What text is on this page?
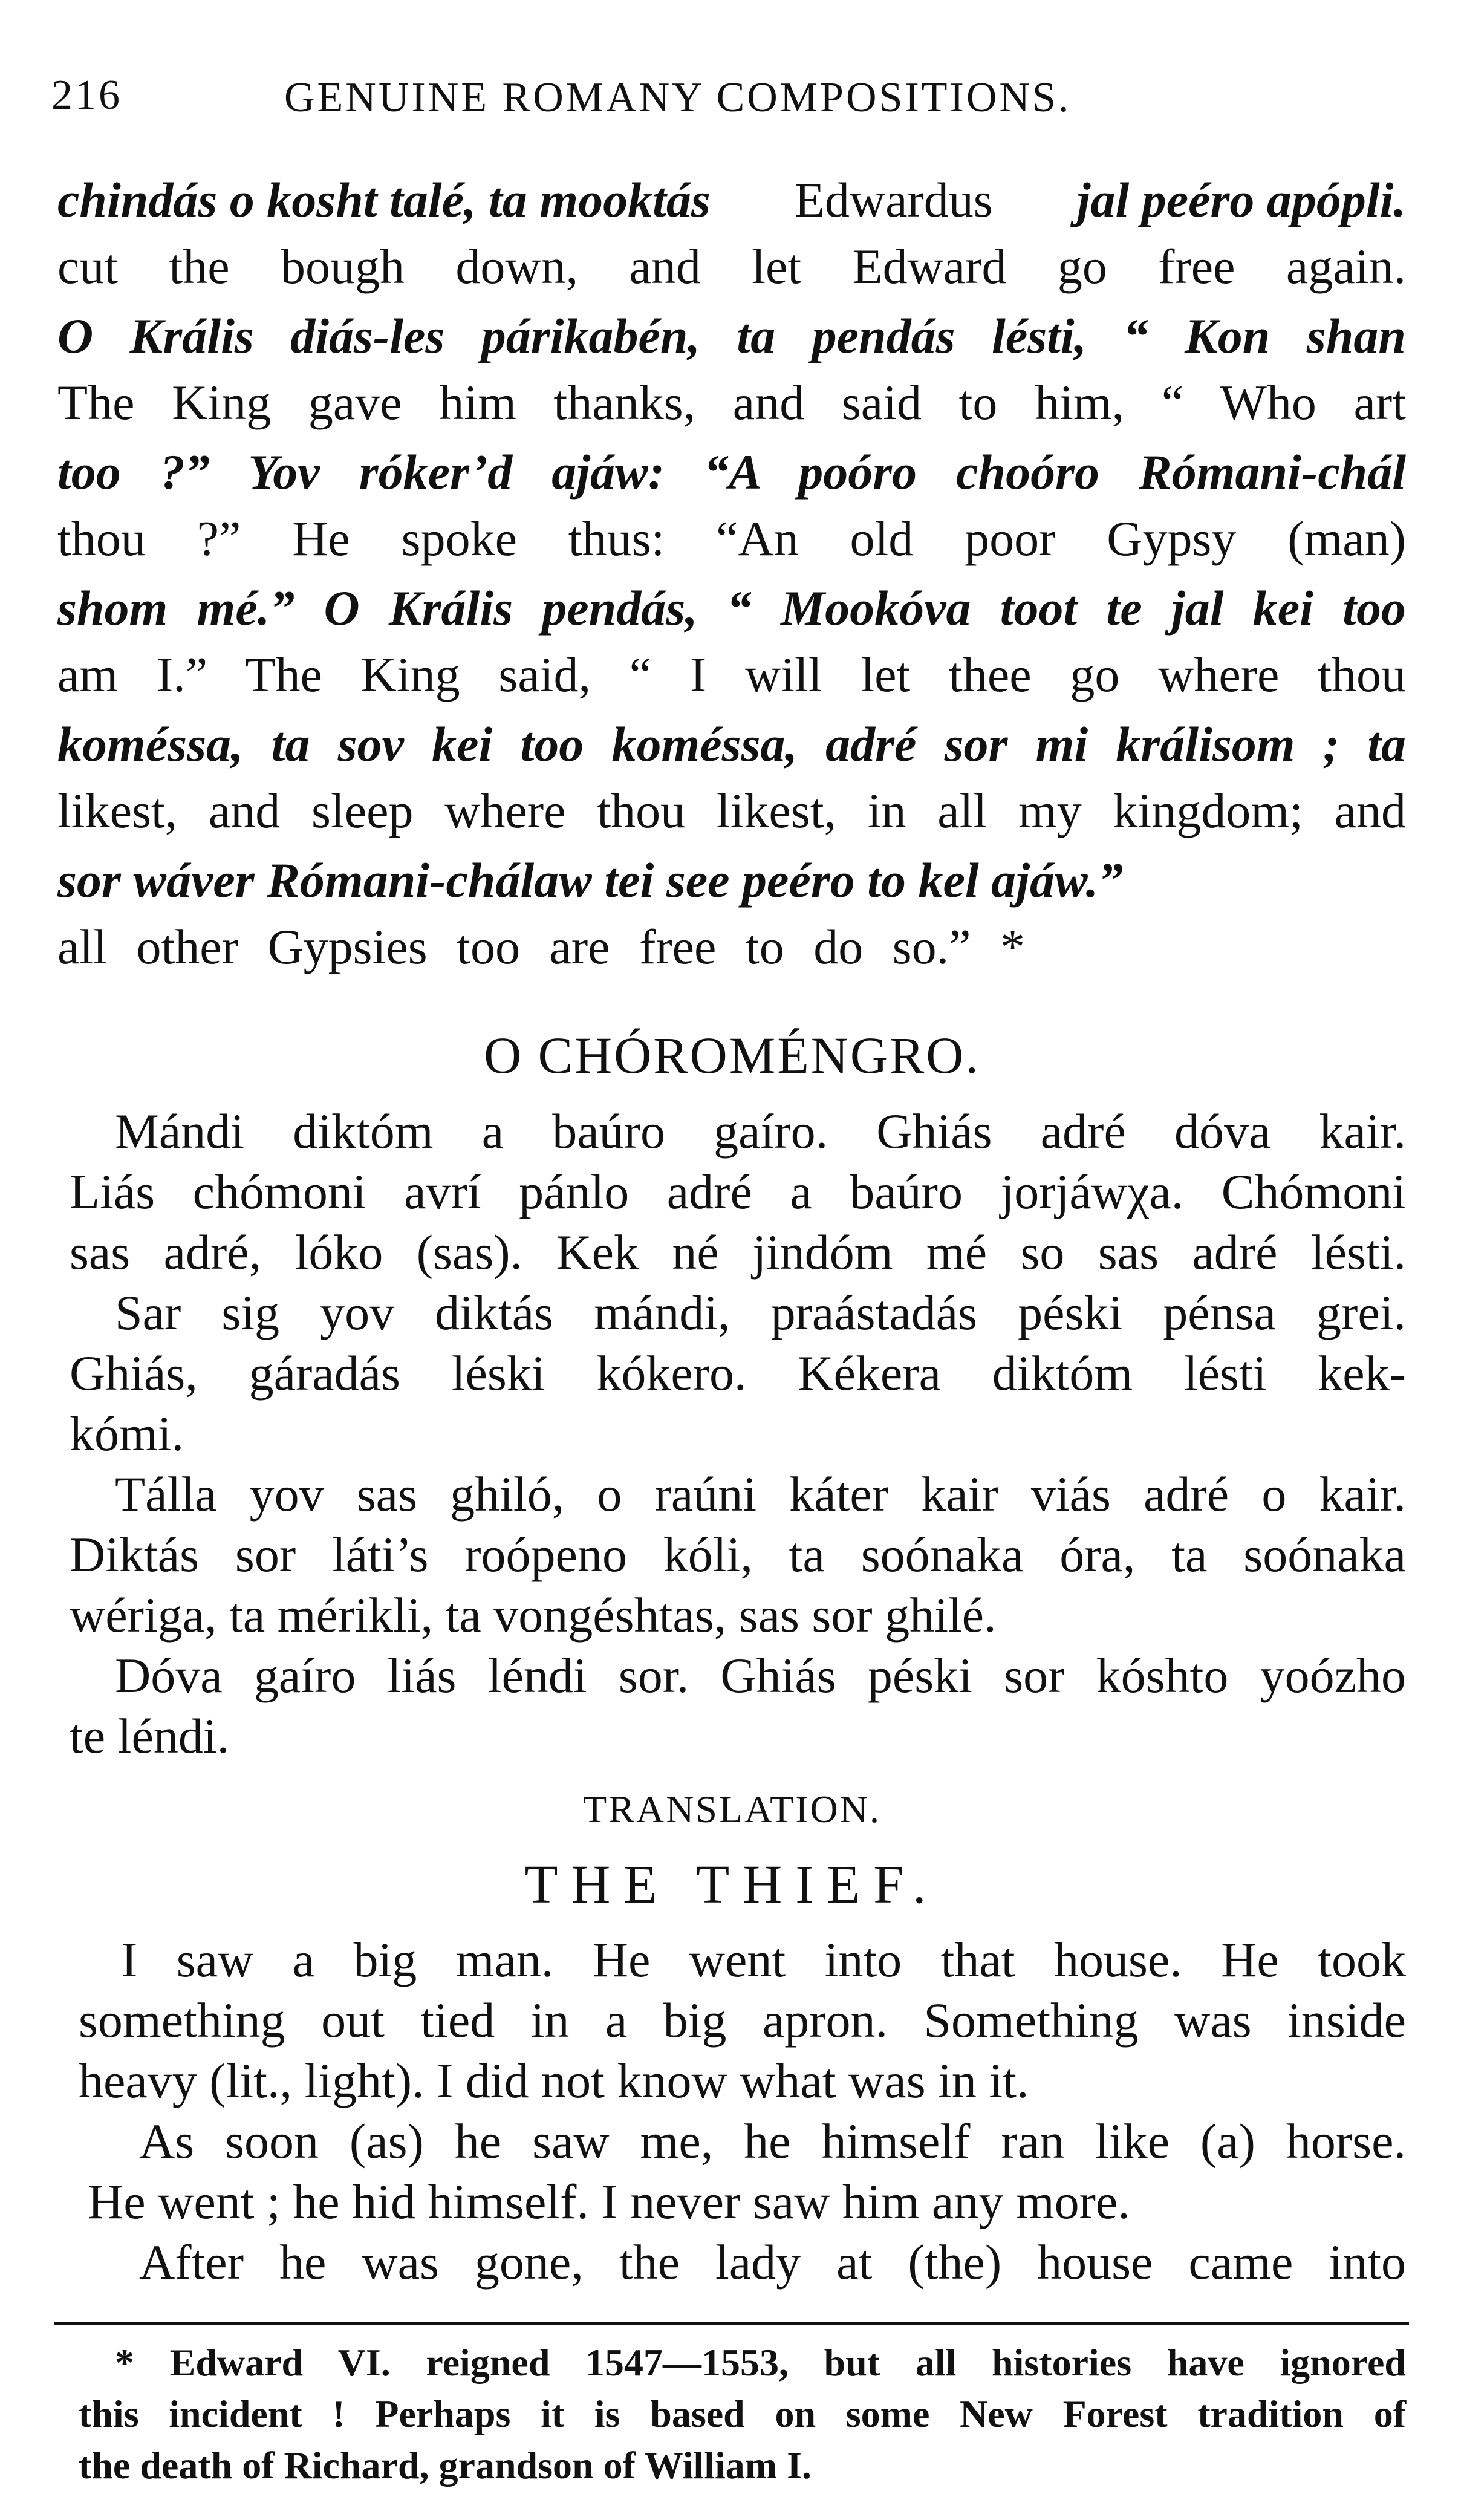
216	GENUINE ROMANY COMPOSITIONS.
chindás o kosht talé, ta mooktás Edwardus jal peéro apópli.
cut the bough down, and let Edward go free again.
O Krális diás-les párikabén, ta pendás lésti, “ Kon shan
The King gave him thanks, and said to him, “ Who art
too ?” Yov róker’d ajáw: “A poóro choóro Rómani-chál
thou ?” He spoke thus: “An old poor Gypsy (man)
shom mé.” O Krális pendás, “ Mookóva toot te jal kei too
am I.” The King said, “ I will let thee go where thou
koméssa, ta sov kei too koméssa, adré sor mi králisom ; ta
likest, and sleep where thou likest, in all my kingdom; and
sor wáver Rómani-chálaw tei see peéro to kel ajáw.”
all other Gypsies too are free to do so.” *
O CHÓROMÉNGRO.
Mándi diktóm a baúro gaíro. Ghiás adré dóva kair.
Liás chómoni avrí pánlo adré a baúro jorjáwχa. Chómoni
sas adré, lóko (sas). Kek né jindóm mé so sas adré lésti.
Sar sig yov diktás mándi, praástadás péski pénsa grei.
Ghiás, gáradás léski kókero. Kékera diktóm lésti kek-
kómi.
Tálla yov sas ghiló, o raúni káter kair viás adré o kair.
Diktás sor láti’s roópeno kóli, ta soónaka óra, ta soónaka
wériga, ta mérikli, ta vongéshtas, sas sor ghilé.
Dóva gaíro liás léndi sor. Ghiás péski sor kóshto yoózho
te léndi.
TRANSLATION.
THE THIEF.
I saw a big man. He went into that house. He took
something out tied in a big apron. Something was inside
heavy (lit., light). I did not know what was in it.
As soon (as) he saw me, he himself ran like (a) horse.
He went ; he hid himself. I never saw him any more.
After he was gone, the lady at (the) house came into
* Edward VI. reigned 1547—1553, but all histories have ignored
this incident ! Perhaps it is based on some New Forest tradition of
the death of Richard, grandson of William I.
